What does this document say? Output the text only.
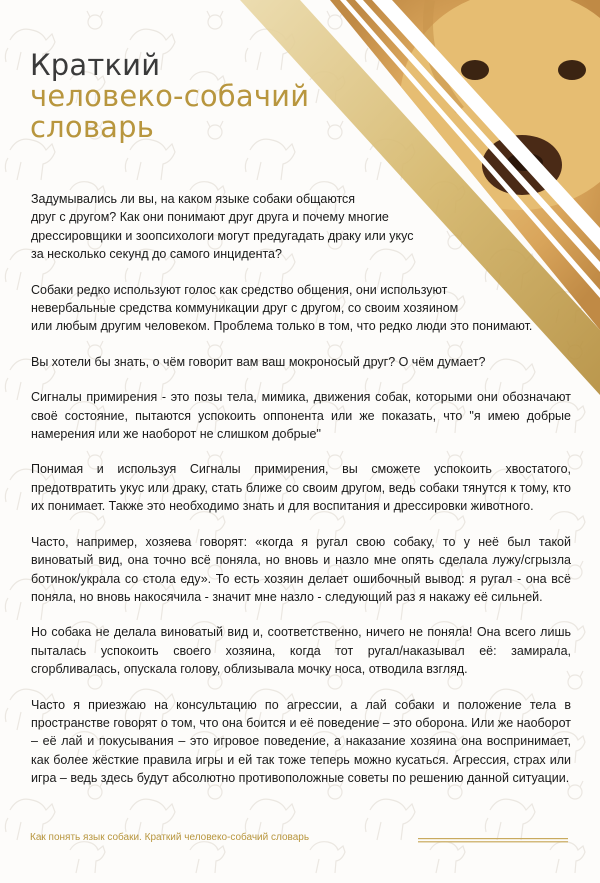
Краткий
человеко-собачий
словарь

Задумывались ли вы, на каком языке собаки общаются
друг с другом? Как они понимают друг друга и почему многие
дрессировщики и зоопсихологи могут предугадать драку или укус
за несколько секунд до самого инцидента?

Собаки редко используют голос как средство общения, они используют
невербальные средства коммуникации друг с другом, со своим хозяином
или любым другим человеком. Проблема только в том, что редко люди это понимают.

Вы хотели бы знать, о чём говорит вам ваш мокроносый друг? О чём думает?

Сигналы примирения - это позы тела, мимика, движения собак, которыми они обозначают своё состояние, пытаются успокоить оппонента или же показать, что "я имею добрые намерения или же наоборот не слишком добрые"

Понимая и используя Сигналы примирения, вы сможете успокоить хвостатого, предотвратить укус или драку, стать ближе со своим другом, ведь собаки тянутся к тому, кто их понимает. Также это необходимо знать и для воспитания и дрессировки животного.

Часто, например, хозяева говорят: «когда я ругал свою собаку, то у неё был такой виноватый вид, она точно всё поняла, но вновь и назло мне опять сделала лужу/сгрызла ботинок/украла со стола еду». То есть хозяин делает ошибочный вывод: я ругал - она всё поняла, но вновь накосячила - значит мне назло - следующий раз я накажу её сильней.

Но собака не делала виноватый вид и, соответственно, ничего не поняла! Она всего лишь пыталась успокоить своего хозяина, когда тот ругал/наказывал её: замирала, сгорбливалась, опускала голову, облизывала мочку носа, отводила взгляд.

Часто я приезжаю на консультацию по агрессии, а лай собаки и положение тела в пространстве говорят о том, что она боится и её поведение – это оборона. Или же наоборот – её лай и покусывания – это игровое поведение, а наказание хозяина она воспринимает, как более жёсткие правила игры и ей так тоже теперь можно кусаться. Агрессия, страх или игра – ведь здесь будут абсолютно противоположные советы по решению данной ситуации.

Как понять язык собаки. Краткий человеко-собачий словарь
